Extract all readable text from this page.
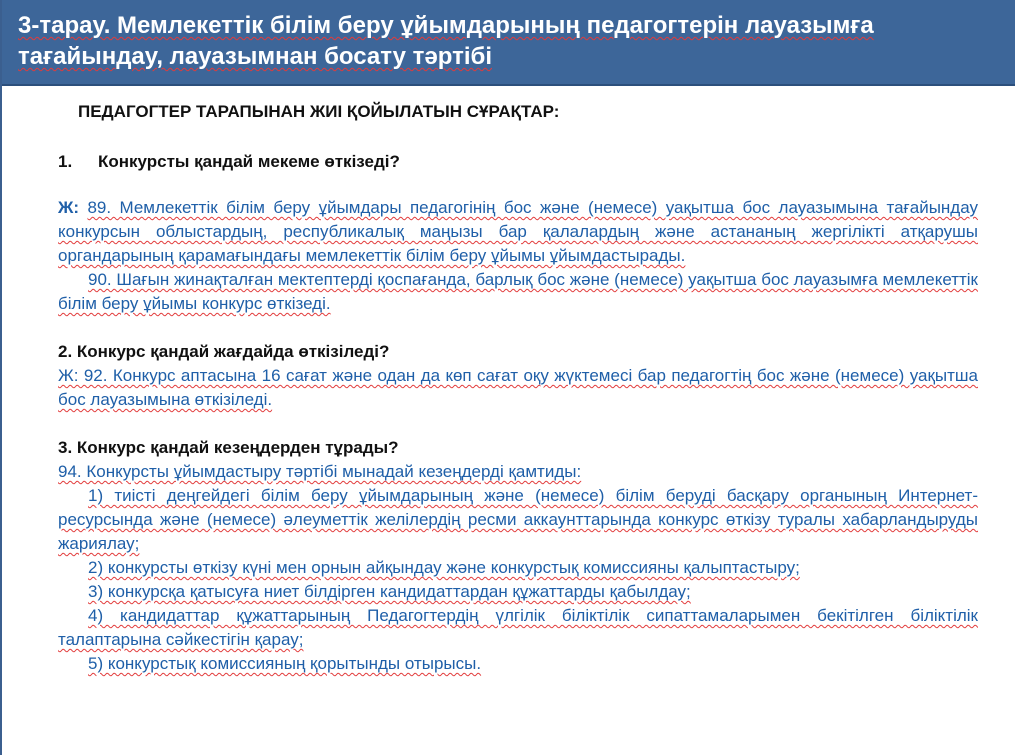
3-тарау. Мемлекеттік білім беру ұйымдарының педагогтерін лауазымға тағайындау, лауазымнан босату тәртібі

ПЕДАГОГТЕР ТАРАПЫНАН ЖИІ ҚОЙЫЛАТЫН СҰРАҚТАР:

1. Конкурсты қандай мекеме өткізеді?

Ж: 89. Мемлекеттік білім беру ұйымдары педагогінің бос және (немесе) уақытша бос лауазымына тағайындау конкурсын облыстардың, республикалық маңызы бар қалалардың және астананың жергілікті атқарушы органдарының қарамағындағы мемлекеттік білім беру ұйымы ұйымдастырады.

90. Шағын жинақталған мектептерді қоспағанда, барлық бос және (немесе) уақытша бос лауазымға мемлекеттік білім беру ұйымы конкурс өткізеді.

2. Конкурс қандай жағдайда өткізіледі?

Ж: 92. Конкурс аптасына 16 сағат және одан да көп сағат оқу жүктемесі бар педагогтің бос және (немесе) уақытша бос лауазымына өткізіледі.

3. Конкурс қандай кезеңдерден тұрады?

94. Конкурсты ұйымдастыру тәртібі мынадай кезеңдерді қамтиды:

1) тиісті деңгейдегі білім беру ұйымдарының және (немесе) білім беруді басқару органының Интернет-ресурсында және (немесе) әлеуметтік желілердің ресми аккаунттарында конкурс өткізу туралы хабарландыруды жариялау;

2) конкурсты өткізу күні мен орнын айқындау және конкурстық комиссияны қалыптастыру;

3) конкурсқа қатысуға ниет білдірген кандидаттардан құжаттарды қабылдау;

4) кандидаттар құжаттарының Педагогтердің үлгілік біліктілік сипаттамаларымен бекітілген біліктілік талаптарына сәйкестігін қарау;

5) конкурстық комиссияның қорытынды отырысы.
